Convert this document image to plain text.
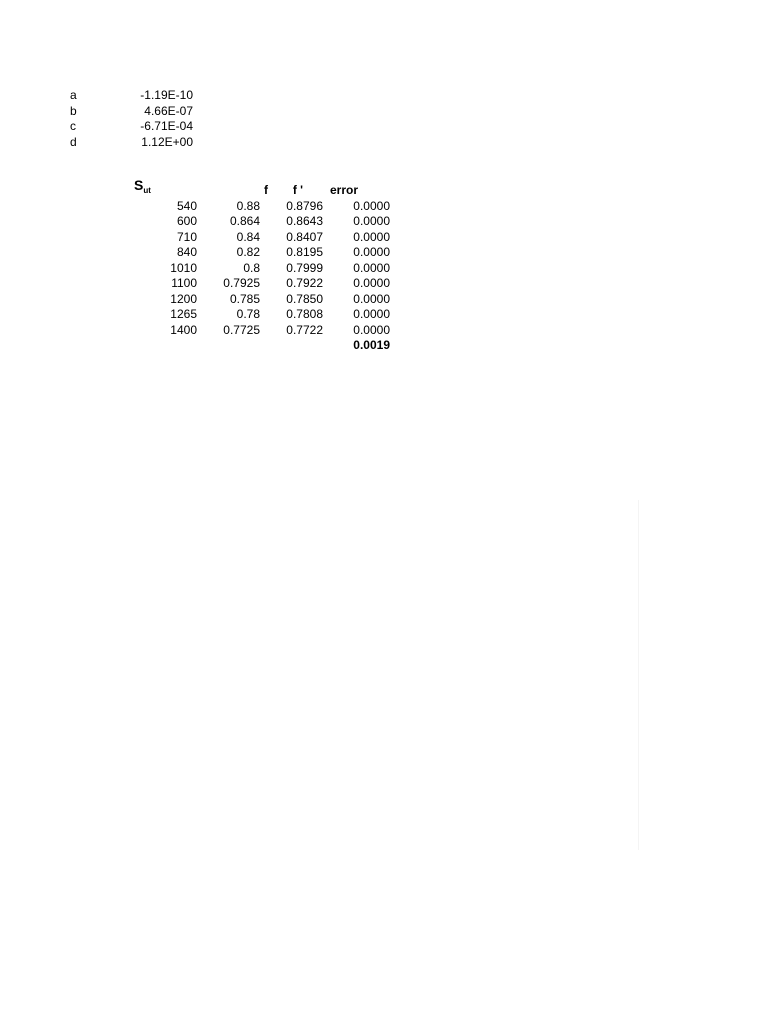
a	-1.19E-10
b	4.66E-07
c	-6.71E-04
d	1.12E+00
$S_{ut}$	f	f '	error
540	0.88	0.8796	0.0000
600	0.864	0.8643	0.0000
710	0.84	0.8407	0.0000
840	0.82	0.8195	0.0000
1010	0.8	0.7999	0.0000
1100	0.7925	0.7922	0.0000
1200	0.785	0.7850	0.0000
1265	0.78	0.7808	0.0000
1400	0.7725	0.7722	0.0000
			0.0019
